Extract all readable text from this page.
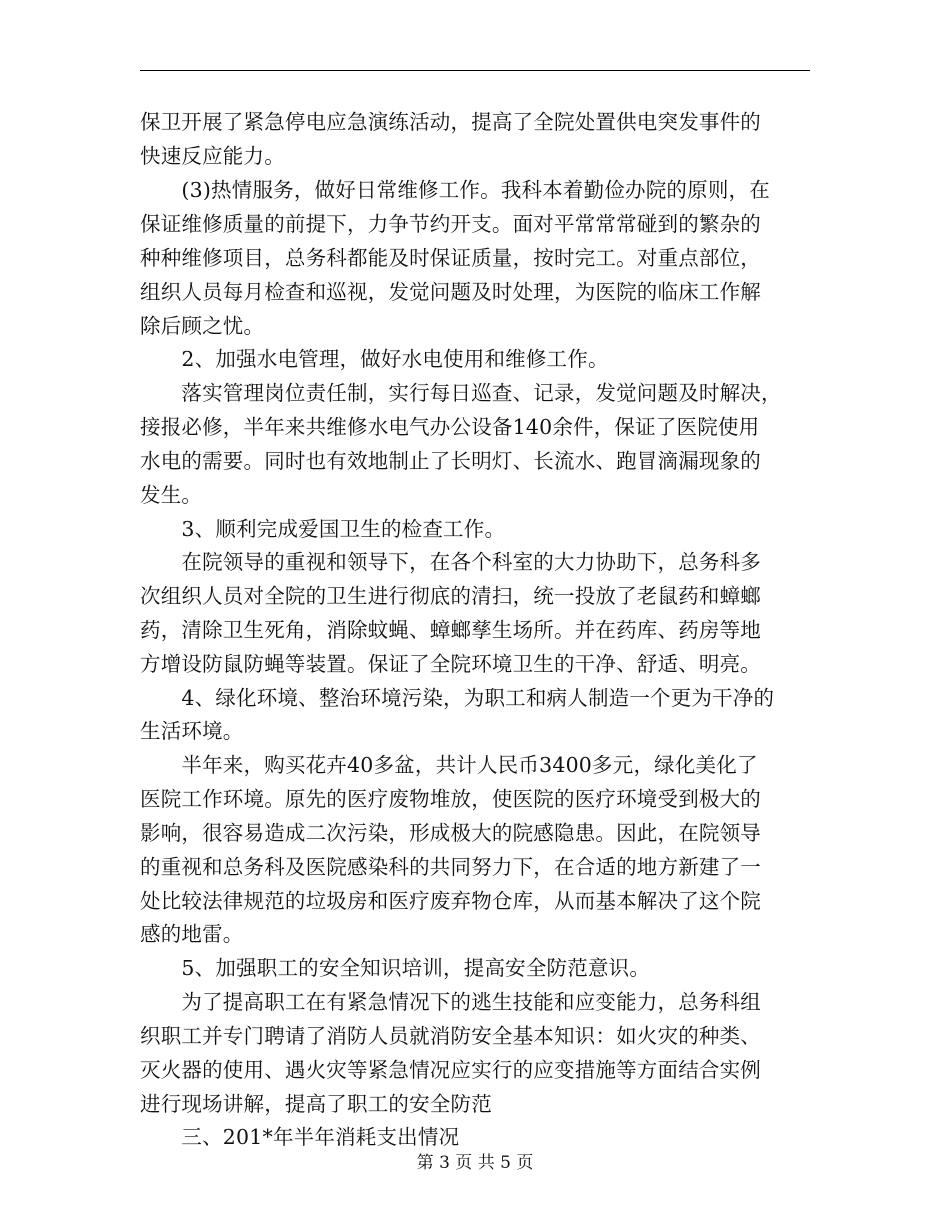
保卫开展了紧急停电应急演练活动，提高了全院处置供电突发事件的
快速反应能力。
　　(3)热情服务，做好日常维修工作。我科本着勤俭办院的原则，在
保证维修质量的前提下，力争节约开支。面对平常常常碰到的繁杂的
种种维修项目，总务科都能及时保证质量，按时完工。对重点部位，
组织人员每月检查和巡视，发觉问题及时处理，为医院的临床工作解
除后顾之忧。
　　2、加强水电管理，做好水电使用和维修工作。
　　落实管理岗位责任制，实行每日巡查、记录，发觉问题及时解决，
接报必修，半年来共维修水电气办公设备140余件，保证了医院使用
水电的需要。同时也有效地制止了长明灯、长流水、跑冒滴漏现象的
发生。
　　3、顺利完成爱国卫生的检查工作。
　　在院领导的重视和领导下，在各个科室的大力协助下，总务科多
次组织人员对全院的卫生进行彻底的清扫，统一投放了老鼠药和蟑螂
药，清除卫生死角，消除蚊蝇、蟑螂孳生场所。并在药库、药房等地
方增设防鼠防蝇等装置。保证了全院环境卫生的干净、舒适、明亮。
　　4、绿化环境、整治环境污染，为职工和病人制造一个更为干净的
生活环境。
　　半年来，购买花卉40多盆，共计人民币3400多元，绿化美化了
医院工作环境。原先的医疗废物堆放，使医院的医疗环境受到极大的
影响，很容易造成二次污染，形成极大的院感隐患。因此，在院领导
的重视和总务科及医院感染科的共同努力下，在合适的地方新建了一
处比较法律规范的垃圾房和医疗废弃物仓库，从而基本解决了这个院
感的地雷。
　　5、加强职工的安全知识培训，提高安全防范意识。
　　为了提高职工在有紧急情况下的逃生技能和应变能力，总务科组
织职工并专门聘请了消防人员就消防安全基本知识：如火灾的种类、
灭火器的使用、遇火灾等紧急情况应实行的应变措施等方面结合实例
进行现场讲解，提高了职工的安全防范
　　三、201*年半年消耗支出情况
第 3 页 共 5 页
